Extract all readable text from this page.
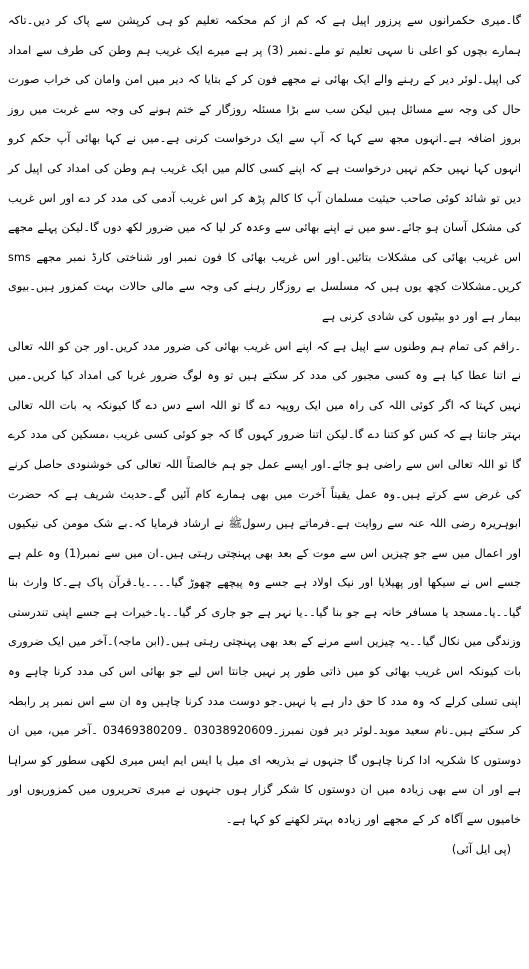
گا۔میری حکمرانوں سے پرزور اپیل ہے کہ کم از کم محکمہ تعلیم کو ہی کرپشن سے پاک کر دیں۔تاکہ ہمارے بچوں کو اعلی نا سہی تعلیم تو ملے۔نمبر (3) پر ہے میرے ایک غریب ہم وطن کی طرف سے امداد کی اپیل۔لوئر دیر کے رہنے والے ایک بھائی نے مجھے فون کر کے بتایا کہ دیر میں امن وامان کی خراب صورت حال کی وجہ سے مسائل ہیں لیکن سب سے بڑا مسئلہ روزگار کے ختم ہونے کی وجہ سے غربت میں روز بروز اضافہ ہے۔انہوں مجھ سے کہا کہ آپ سے ایک درخواست کرنی ہے۔میں نے کہا بھائی آپ حکم کرو انہوں کہا نہیں حکم نہیں درخواست ہے کہ اپنے کسی کالم میں ایک غریب ہم وطن کی امداد کی اپیل کر دیں تو شائد کوئی صاحب حیثیت مسلمان آپ کا کالم پڑھ کر اس غریب آدمی کی مدد کر دے اور اس غریب کی مشکل آسان ہو جائے۔سو میں نے اپنے بھائی سے وعدہ کر لیا کہ میں ضرور لکھ دوں گا۔لیکن پہلے مجھے اس غریب بھائی کی مشکلات بتائیں۔اور اس غریب بھائی کا فون نمبر اور شناختی کارڈ نمبر مجھے sms کریں۔مشکلات کچھ یوں ہیں کہ مسلسل بے روزگار رہنے کی وجہ سے مالی حالات بہت کمزور ہیں۔بیوی بیمار ہے اور دو بیٹیوں کی شادی کرنی ہے

۔راقم کی تمام ہم وطنوں سے اپیل ہے کہ اپنے اس غریب بھائی کی ضرور مدد کریں۔اور جن کو اللہ تعالی نے اتنا عطا کیا ہے وہ کسی مجبور کی مدد کر سکتے ہیں تو وہ لوگ ضرور غربا کی امداد کیا کریں۔میں نہیں کہتا کہ اگر کوئی اللہ کی راہ میں ایک روپیہ دے گا تو اللہ اسے دس دے گا کیونکہ یہ بات اللہ تعالی بہتر جانتا ہے کہ کس کو کتنا دے گا۔لیکن اتنا ضرور کہوں گا کہ جو کوئی کسی غریب ،مسکین کی مدد کرے گا تو اللہ تعالی اس سے راضی ہو جائے۔اور ایسے عمل جو ہم خالصتاً اللہ تعالی کی خوشنودی حاصل کرنے کی غرض سے کرتے ہیں۔وہ عمل یقیناً آخرت میں بھی ہمارے کام آئیں گے۔حدیث شریف ہے کہ حضرت ابوہریرہ رضی اللہ عنہ سے روایت ہے۔فرماتے ہیں رسولﷺ نے ارشاد فرمایا کہ۔بے شک مومن کی نیکیوں اور اعمال میں سے جو چیزیں اس سے موت کے بعد بھی پہنچتی رہتی ہیں۔ان میں سے نمبر(1) وہ علم ہے جسے اس نے سیکھا اور پھیلایا اور نیک اولاد ہے جسے وہ پیچھے چھوڑ گیا۔۔۔۔یا۔قرآن پاک ہے۔کا وارث بنا گیا۔۔یا۔مسجد یا مسافر خانہ ہے جو بنا گیا۔۔یا نہر ہے جو جاری کر گیا۔۔یا۔خیرات ہے جسے اپنی تندرستی وزندگی میں نکال گیا۔۔یہ چیزیں اسے مرنے کے بعد بھی پہنچتی رہتی ہیں۔(ابن ماجہ)۔آخر میں ایک ضروری بات کیونکہ اس غریب بھائی کو میں ذاتی طور پر نہیں جانتا اس لیے جو بھائی اس کی مدد کرنا چاہے وہ اپنی تسلی کرلے کہ وہ مدد کا حق دار ہے یا نہیں۔جو دوست مدد کرنا چاہیں وہ ان سے اس نمبر پر رابطہ کر سکتے ہیں۔نام سعید موبد۔لوئر دیر فون نمبرز۔03038920609 ۔03469380209 ۔آخر میں، میں ان دوستوں کا شکریہ ادا کرنا چاہوں گا جنہوں نے بذریعہ ای میل یا ایس ایم ایس میری لکھی سطور کو سراہا ہے اور ان سے بھی زیادہ میں ان دوستوں کا شکر گزار ہوں جنہوں نے میری تحریروں میں کمزوریوں اور خامیوں سے آگاہ کر کے مجھے اور زیادہ بہتر لکھنے کو کہا ہے۔

(پی ایل آئی)
